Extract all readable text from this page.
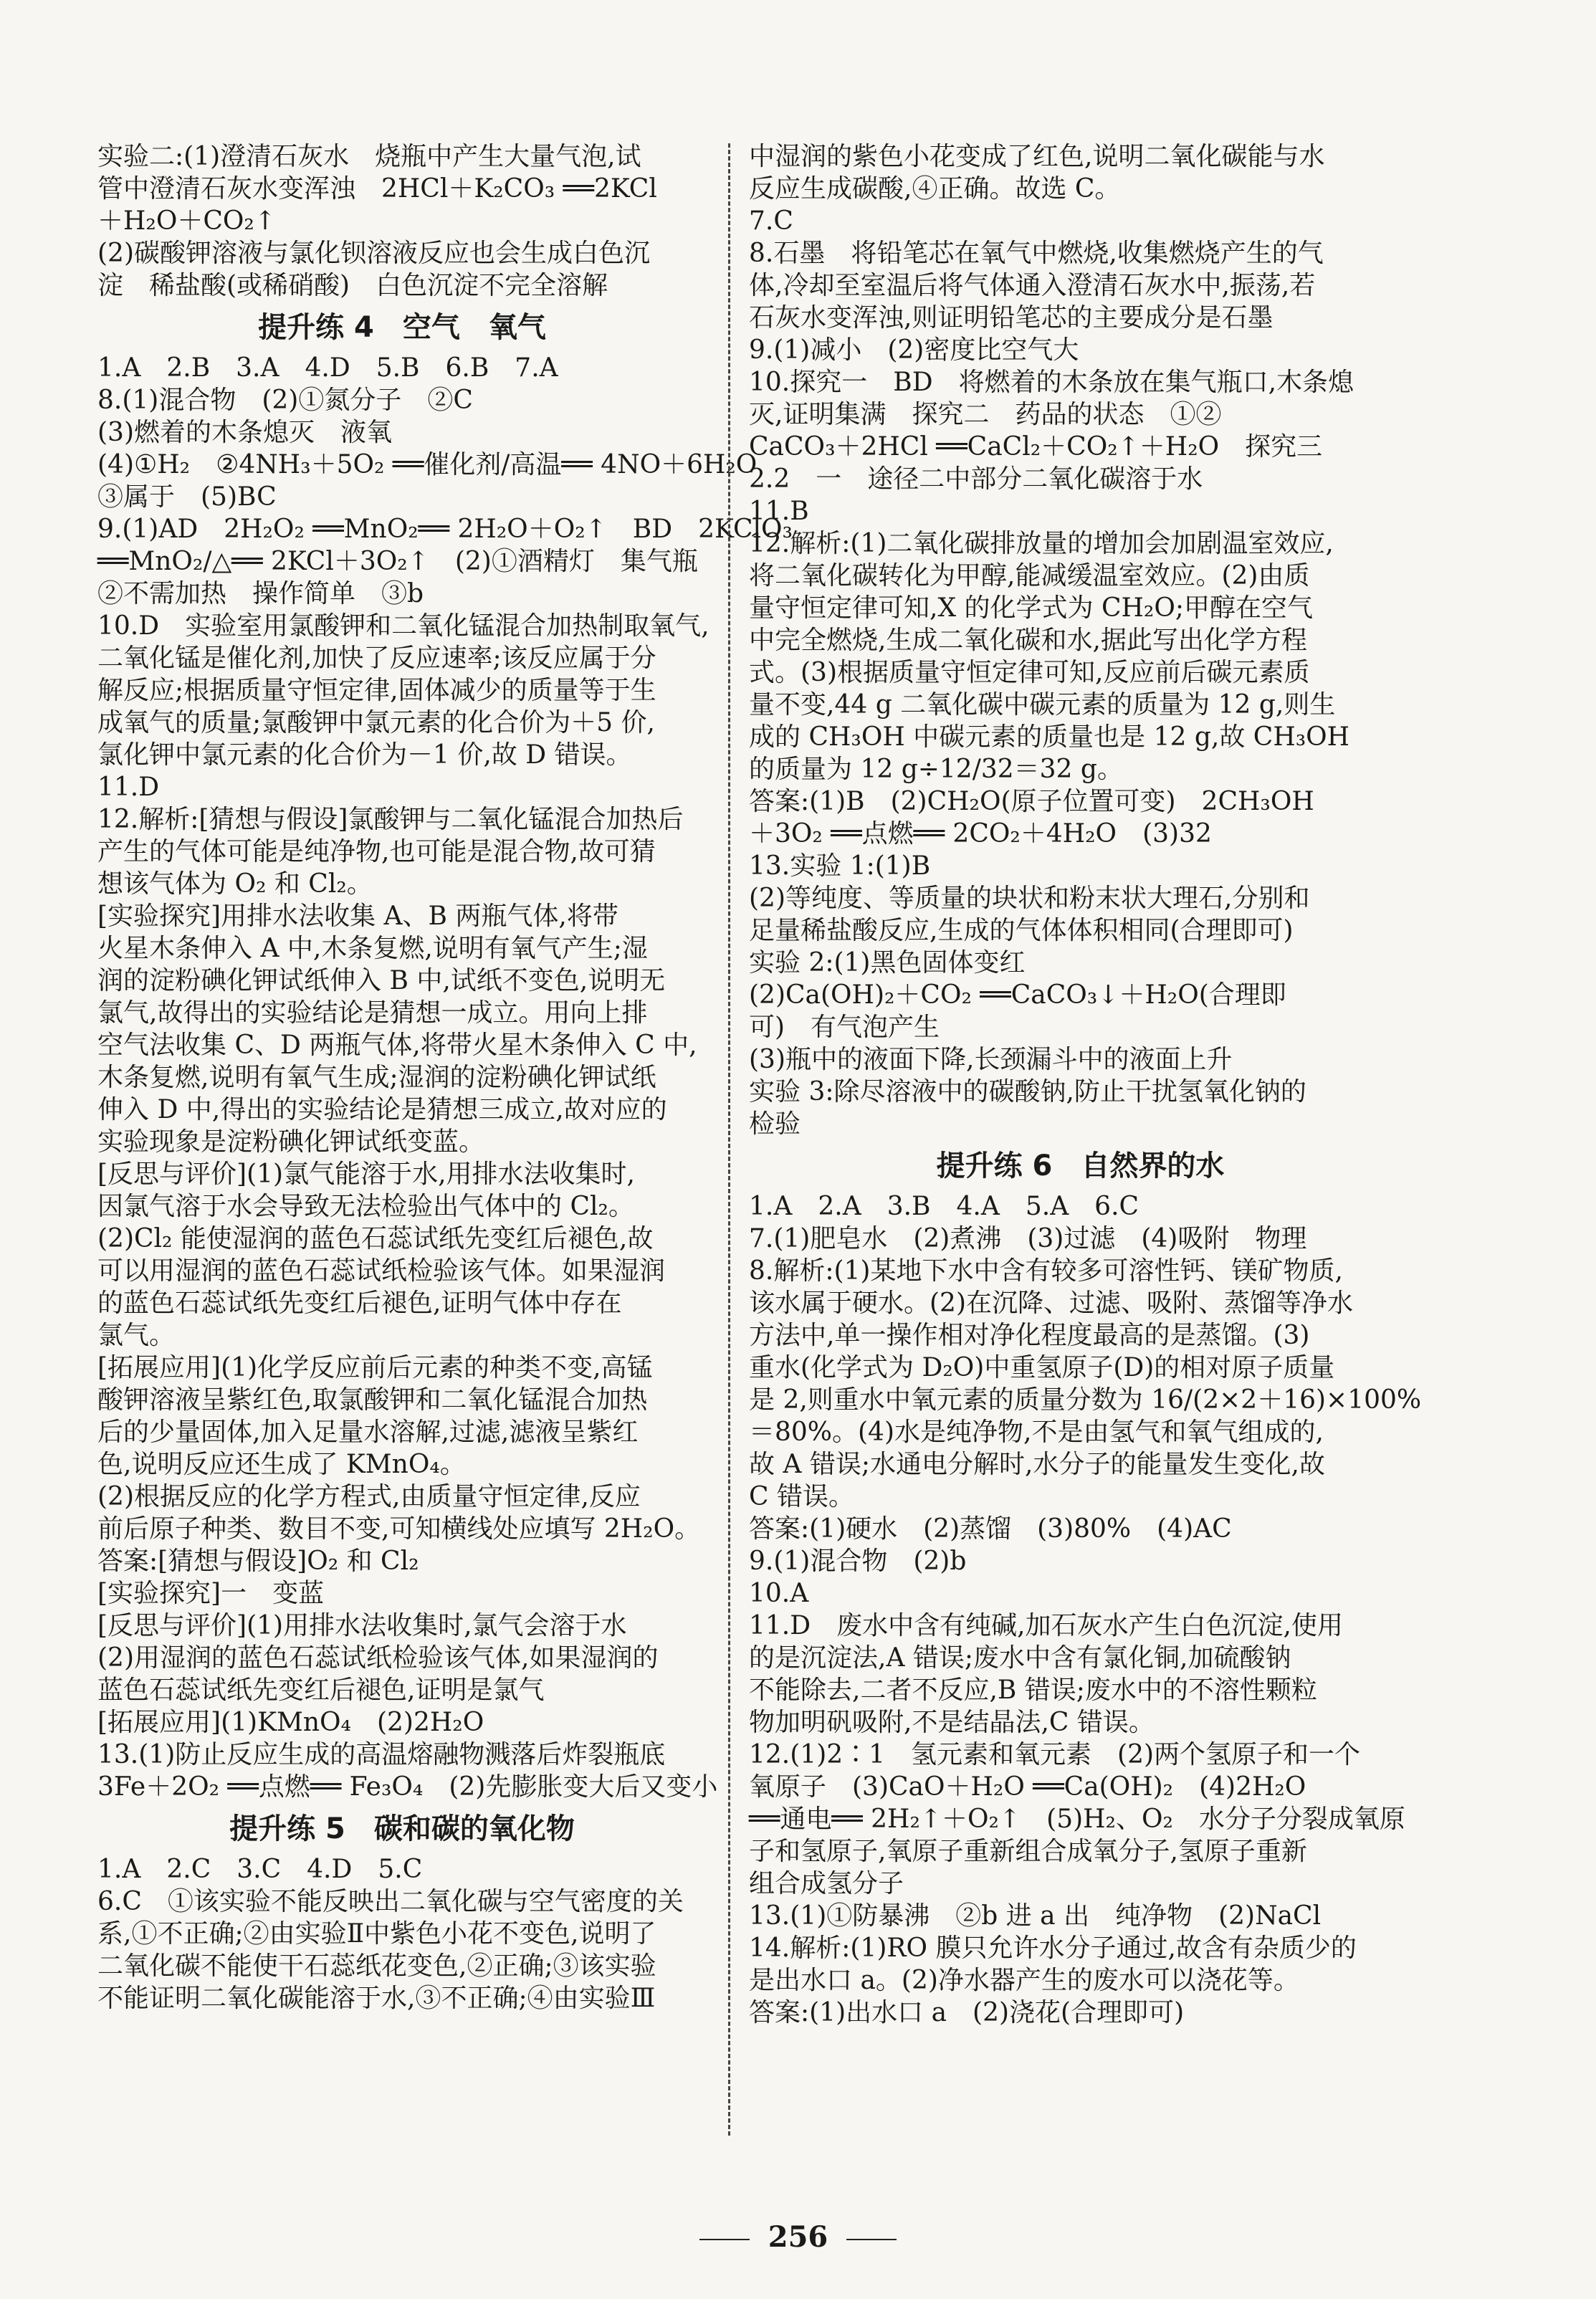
实验二:(1)澄清石灰水　烧瓶中产生大量气泡,试
管中澄清石灰水变浑浊　2HCl＋K₂CO₃ ══2KCl
＋H₂O＋CO₂↑
(2)碳酸钾溶液与氯化钡溶液反应也会生成白色沉
淀　稀盐酸(或稀硝酸)　白色沉淀不完全溶解
提升练 4　空气　氧气
1.A　2.B　3.A　4.D　5.B　6.B　7.A
8.(1)混合物　(2)①氮分子　②C
(3)燃着的木条熄灭　液氧
(4)①H₂　②4NH₃＋5O₂ ══催化剂/高温══ 4NO＋6H₂O
③属于　(5)BC
9.(1)AD　2H₂O₂ ══MnO₂══ 2H₂O＋O₂↑　BD　2KClO₃
══MnO₂/△══ 2KCl＋3O₂↑　(2)①酒精灯　集气瓶
②不需加热　操作简单　③b
10.D　实验室用氯酸钾和二氧化锰混合加热制取氧气,
二氧化锰是催化剂,加快了反应速率;该反应属于分
解反应;根据质量守恒定律,固体减少的质量等于生
成氧气的质量;氯酸钾中氯元素的化合价为＋5 价,
氯化钾中氯元素的化合价为－1 价,故 D 错误。
11.D
12.解析:[猜想与假设]氯酸钾与二氧化锰混合加热后
产生的气体可能是纯净物,也可能是混合物,故可猜
想该气体为 O₂ 和 Cl₂。
[实验探究]用排水法收集 A、B 两瓶气体,将带
火星木条伸入 A 中,木条复燃,说明有氧气产生;湿
润的淀粉碘化钾试纸伸入 B 中,试纸不变色,说明无
氯气,故得出的实验结论是猜想一成立。用向上排
空气法收集 C、D 两瓶气体,将带火星木条伸入 C 中,
木条复燃,说明有氧气生成;湿润的淀粉碘化钾试纸
伸入 D 中,得出的实验结论是猜想三成立,故对应的
实验现象是淀粉碘化钾试纸变蓝。
[反思与评价](1)氯气能溶于水,用排水法收集时,
因氯气溶于水会导致无法检验出气体中的 Cl₂。
(2)Cl₂ 能使湿润的蓝色石蕊试纸先变红后褪色,故
可以用湿润的蓝色石蕊试纸检验该气体。如果湿润
的蓝色石蕊试纸先变红后褪色,证明气体中存在
氯气。
[拓展应用](1)化学反应前后元素的种类不变,高锰
酸钾溶液呈紫红色,取氯酸钾和二氧化锰混合加热
后的少量固体,加入足量水溶解,过滤,滤液呈紫红
色,说明反应还生成了 KMnO₄。
(2)根据反应的化学方程式,由质量守恒定律,反应
前后原子种类、数目不变,可知横线处应填写 2H₂O。
答案:[猜想与假设]O₂ 和 Cl₂
[实验探究]一　变蓝
[反思与评价](1)用排水法收集时,氯气会溶于水
(2)用湿润的蓝色石蕊试纸检验该气体,如果湿润的
蓝色石蕊试纸先变红后褪色,证明是氯气
[拓展应用](1)KMnO₄　(2)2H₂O
13.(1)防止反应生成的高温熔融物溅落后炸裂瓶底
3Fe＋2O₂ ══点燃══ Fe₃O₄　(2)先膨胀变大后又变小
提升练 5　碳和碳的氧化物
1.A　2.C　3.C　4.D　5.C
6.C　①该实验不能反映出二氧化碳与空气密度的关
系,①不正确;②由实验Ⅱ中紫色小花不变色,说明了
二氧化碳不能使干石蕊纸花变色,②正确;③该实验
不能证明二氧化碳能溶于水,③不正确;④由实验Ⅲ
中湿润的紫色小花变成了红色,说明二氧化碳能与水
反应生成碳酸,④正确。故选 C。
7.C
8.石墨　将铅笔芯在氧气中燃烧,收集燃烧产生的气
体,冷却至室温后将气体通入澄清石灰水中,振荡,若
石灰水变浑浊,则证明铅笔芯的主要成分是石墨
9.(1)减小　(2)密度比空气大
10.探究一　BD　将燃着的木条放在集气瓶口,木条熄
灭,证明集满　探究二　药品的状态　①②
CaCO₃＋2HCl ══CaCl₂＋CO₂↑＋H₂O　探究三
2.2　一　途径二中部分二氧化碳溶于水
11.B
12.解析:(1)二氧化碳排放量的增加会加剧温室效应,
将二氧化碳转化为甲醇,能减缓温室效应。(2)由质
量守恒定律可知,X 的化学式为 CH₂O;甲醇在空气
中完全燃烧,生成二氧化碳和水,据此写出化学方程
式。(3)根据质量守恒定律可知,反应前后碳元素质
量不变,44 g 二氧化碳中碳元素的质量为 12 g,则生
成的 CH₃OH 中碳元素的质量也是 12 g,故 CH₃OH
的质量为 12 g÷12/32＝32 g。
答案:(1)B　(2)CH₂O(原子位置可变)　2CH₃OH
＋3O₂ ══点燃══ 2CO₂＋4H₂O　(3)32
13.实验 1:(1)B
(2)等纯度、等质量的块状和粉末状大理石,分别和
足量稀盐酸反应,生成的气体体积相同(合理即可)
实验 2:(1)黑色固体变红
(2)Ca(OH)₂＋CO₂ ══CaCO₃↓＋H₂O(合理即
可)　有气泡产生
(3)瓶中的液面下降,长颈漏斗中的液面上升
实验 3:除尽溶液中的碳酸钠,防止干扰氢氧化钠的
检验
提升练 6　自然界的水
1.A　2.A　3.B　4.A　5.A　6.C
7.(1)肥皂水　(2)煮沸　(3)过滤　(4)吸附　物理
8.解析:(1)某地下水中含有较多可溶性钙、镁矿物质,
该水属于硬水。(2)在沉降、过滤、吸附、蒸馏等净水
方法中,单一操作相对净化程度最高的是蒸馏。(3)
重水(化学式为 D₂O)中重氢原子(D)的相对原子质量
是 2,则重水中氧元素的质量分数为 16/(2×2＋16)×100%
＝80%。(4)水是纯净物,不是由氢气和氧气组成的,
故 A 错误;水通电分解时,水分子的能量发生变化,故
C 错误。
答案:(1)硬水　(2)蒸馏　(3)80%　(4)AC
9.(1)混合物　(2)b
10.A
11.D　废水中含有纯碱,加石灰水产生白色沉淀,使用
的是沉淀法,A 错误;废水中含有氯化铜,加硫酸钠
不能除去,二者不反应,B 错误;废水中的不溶性颗粒
物加明矾吸附,不是结晶法,C 错误。
12.(1)2∶1　氢元素和氧元素　(2)两个氢原子和一个
氧原子　(3)CaO＋H₂O ══Ca(OH)₂　(4)2H₂O
══通电══ 2H₂↑＋O₂↑　(5)H₂、O₂　水分子分裂成氧原
子和氢原子,氧原子重新组合成氧分子,氢原子重新
组合成氢分子
13.(1)①防暴沸　②b 进 a 出　纯净物　(2)NaCl
14.解析:(1)RO 膜只允许水分子通过,故含有杂质少的
是出水口 a。(2)净水器产生的废水可以浇花等。
答案:(1)出水口 a　(2)浇花(合理即可)
256
